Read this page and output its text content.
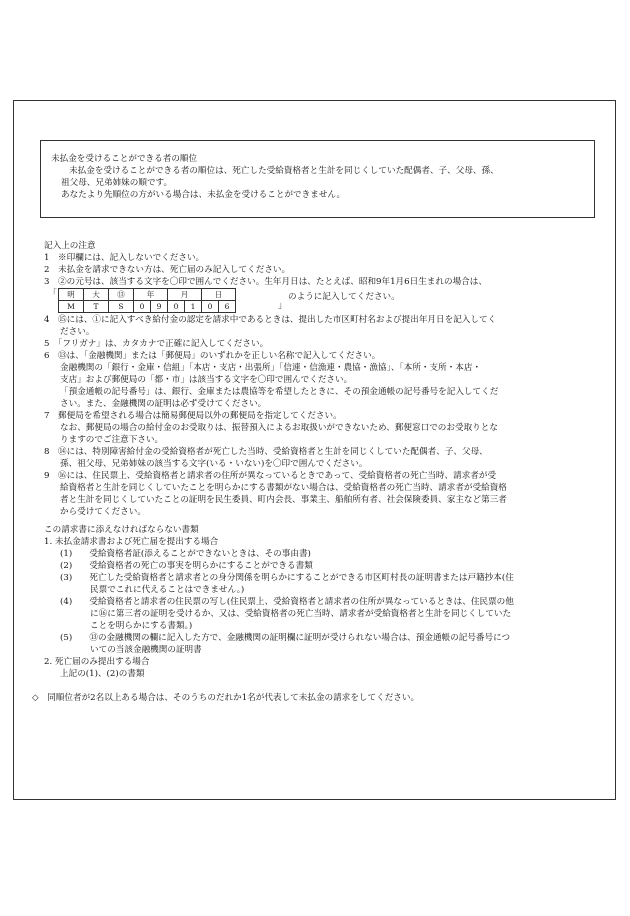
未払金を受けることができる者の順位
未払金を受けることができる者の順位は、死亡した受給資格者と生計を同じくしていた配偶者、子、父母、孫、
祖父母、兄弟姉妹の順です。
あなたより先順位の方がいる場合は、未払金を受けることができません。
記入上の注意
1　※印欄には、記入しないでください。
2　未払金を請求できない方は、死亡届のみ記入してください。
3　②の元号は、該当する文字を〇印で囲んでください。生年月日は、たとえば、昭和9年1月6日生まれの場合は、
「 明	大	⑬	年		月		日	
M	T	S	0	9	0	1	0	6	」
のように記入してください。
4　⑮には、①に記入すべき給付金の認定を請求中であるときは、提出した市区町村名および提出年月日を記入してく
ださい。
5　「フリガナ」は、カタカナで正確に記入してください。
6　⑬は、「金融機関」または「郵便局」のいずれかを正しい名称で記入してください。
金融機関の「銀行・金庫・信組」「本店・支店・出張所」「信連・信漁連・農協・漁協」、「本所・支所・本店・
支店」および郵便局の「都・市」は該当する文字を〇印で囲んでください。
「預金通帳の記号番号」は、銀行、金庫または農協等を希望したときに、その預金通帳の記号番号を記入してくだ
さい。また、金融機関の証明は必ず受けてください。
7　郵便局を希望される場合は簡易郵便局以外の郵便局を指定してください。
なお、郵便局の場合の給付金のお受取りは、振替預入によるお取扱いができないため、郵便窓口でのお受取りとな
りますのでご注意下さい。
8　⑭には、特別障害給付金の受給資格者が死亡した当時、受給資格者と生計を同じくしていた配偶者、子、父母、
孫、祖父母、兄弟姉妹の該当する文字(いる・いない)を〇印で囲んでください。
9　⑯には、住民票上、受給資格者と請求者の住所が異なっているときであって、受給資格者の死亡当時、請求者が受
給資格者と生計を同じくしていたことを明らかにする書類がない場合は、受給資格者の死亡当時、請求者が受給資格
者と生計を同じくしていたことの証明を民生委員、町内会長、事業主、船舶所有者、社会保険委員、家主など第三者
から受けてください。
この請求書に添えなければならない書類
1. 未払金請求書および死亡届を提出する場合
(1)　　受給資格者証(添えることができないときは、その事由書)
(2)　　受給資格者の死亡の事実を明らかにすることができる書類
(3)　　死亡した受給資格者と請求者との身分関係を明らかにすることができる市区町村長の証明書または戸籍抄本(住
民票でこれに代えることはできません。)
(4)　　受給資格者と請求者の住民票の写し(住民票上、受給資格者と請求者の住所が異なっているときは、住民票の他
に⑯に第三者の証明を受けるか、又は、受給資格者の死亡当時、請求者が受給資格者と生計を同じくしていた
ことを明らかにする書類。)
(5)　　⑬の金融機関の欄に記入した方で、金融機関の証明欄に証明が受けられない場合は、預金通帳の記号番号につ
いての当該金融機関の証明書
2. 死亡届のみ提出する場合
上記の(1)、(2)の書類
◇　同順位者が2名以上ある場合は、そのうちのだれか1名が代表して未払金の請求をしてください。
